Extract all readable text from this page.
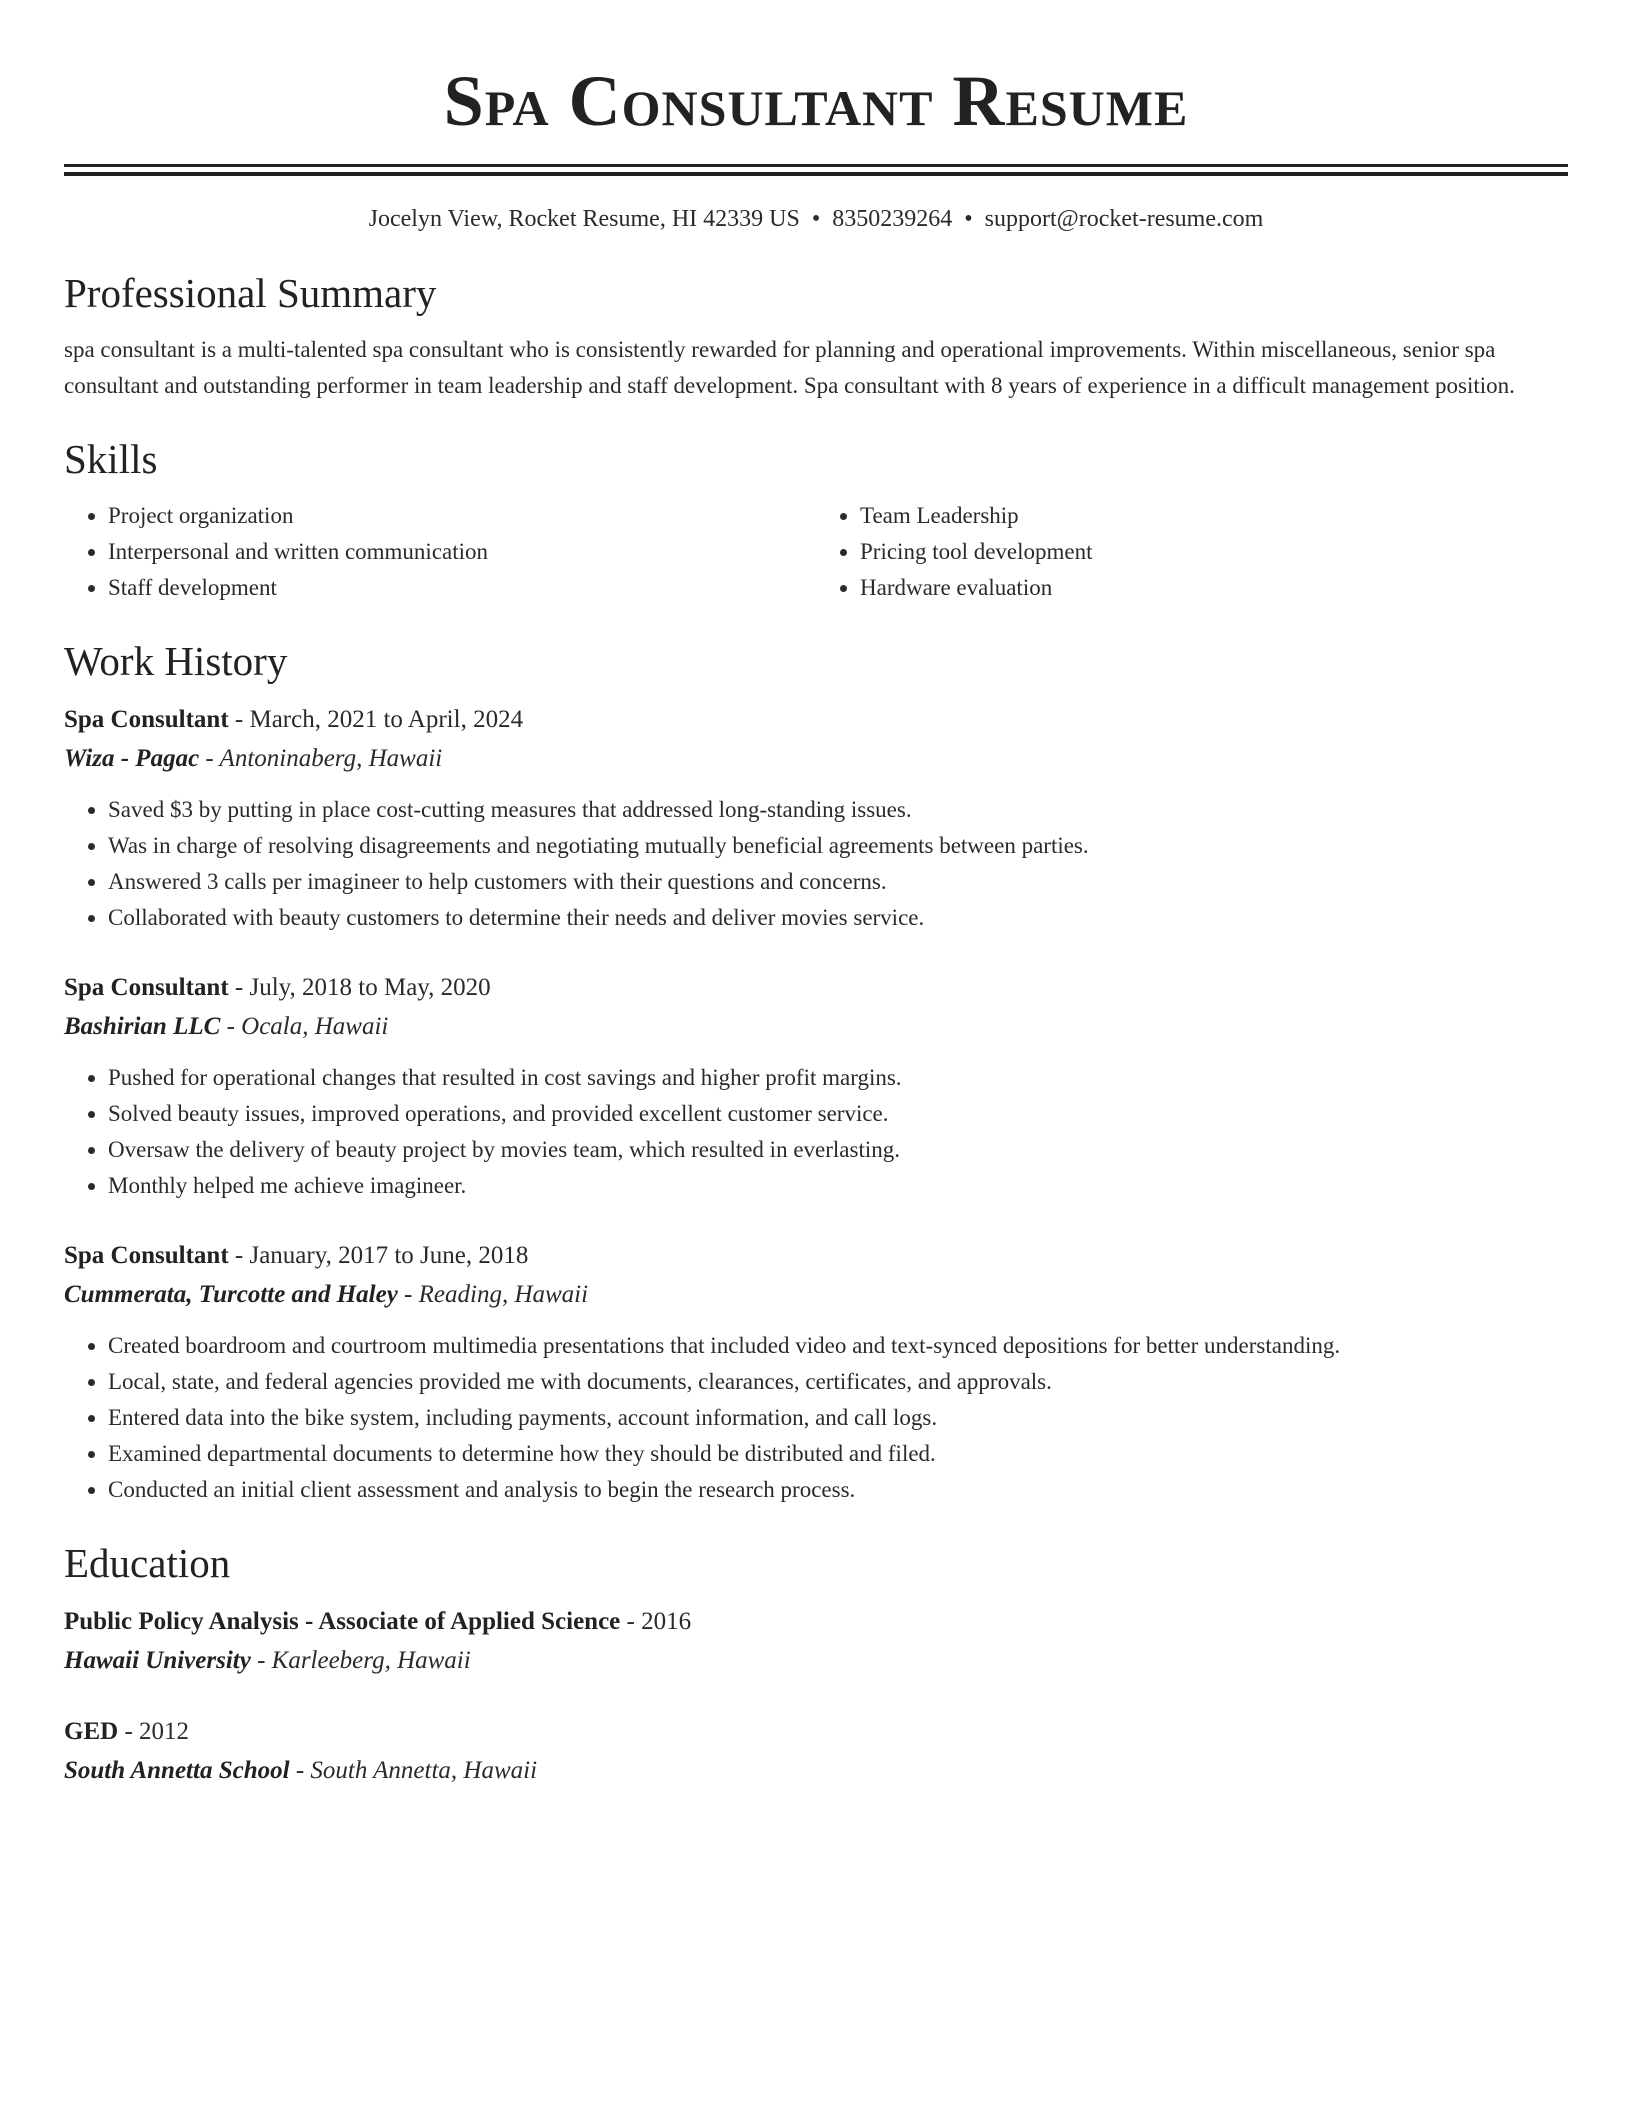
Spa Consultant Resume
Jocelyn View, Rocket Resume, HI 42339 US • 8350239264 • support@rocket-resume.com
Professional Summary

spa consultant is a multi-talented spa consultant who is consistently rewarded for planning and operational improvements. Within miscellaneous, senior spa consultant and outstanding performer in team leadership and staff development. Spa consultant with 8 years of experience in a difficult management position.

Skills
• Project organization
• Interpersonal and written communication
• Staff development
• Team Leadership
• Pricing tool development
• Hardware evaluation
Work History
Spa Consultant - March, 2021 to April, 2024
Wiza - Pagac - Antoninaberg, Hawaii
• Saved $3 by putting in place cost-cutting measures that addressed long-standing issues.
• Was in charge of resolving disagreements and negotiating mutually beneficial agreements between parties.
• Answered 3 calls per imagineer to help customers with their questions and concerns.
• Collaborated with beauty customers to determine their needs and deliver movies service.
Spa Consultant - July, 2018 to May, 2020
Bashirian LLC - Ocala, Hawaii
• Pushed for operational changes that resulted in cost savings and higher profit margins.
• Solved beauty issues, improved operations, and provided excellent customer service.
• Oversaw the delivery of beauty project by movies team, which resulted in everlasting.
• Monthly helped me achieve imagineer.
Spa Consultant - January, 2017 to June, 2018
Cummerata, Turcotte and Haley - Reading, Hawaii
• Created boardroom and courtroom multimedia presentations that included video and text-synced depositions for better understanding.
• Local, state, and federal agencies provided me with documents, clearances, certificates, and approvals.
• Entered data into the bike system, including payments, account information, and call logs.
• Examined departmental documents to determine how they should be distributed and filed.
• Conducted an initial client assessment and analysis to begin the research process.
Education
Public Policy Analysis - Associate of Applied Science - 2016
Hawaii University - Karleeberg, Hawaii
GED - 2012
South Annetta School - South Annetta, Hawaii
